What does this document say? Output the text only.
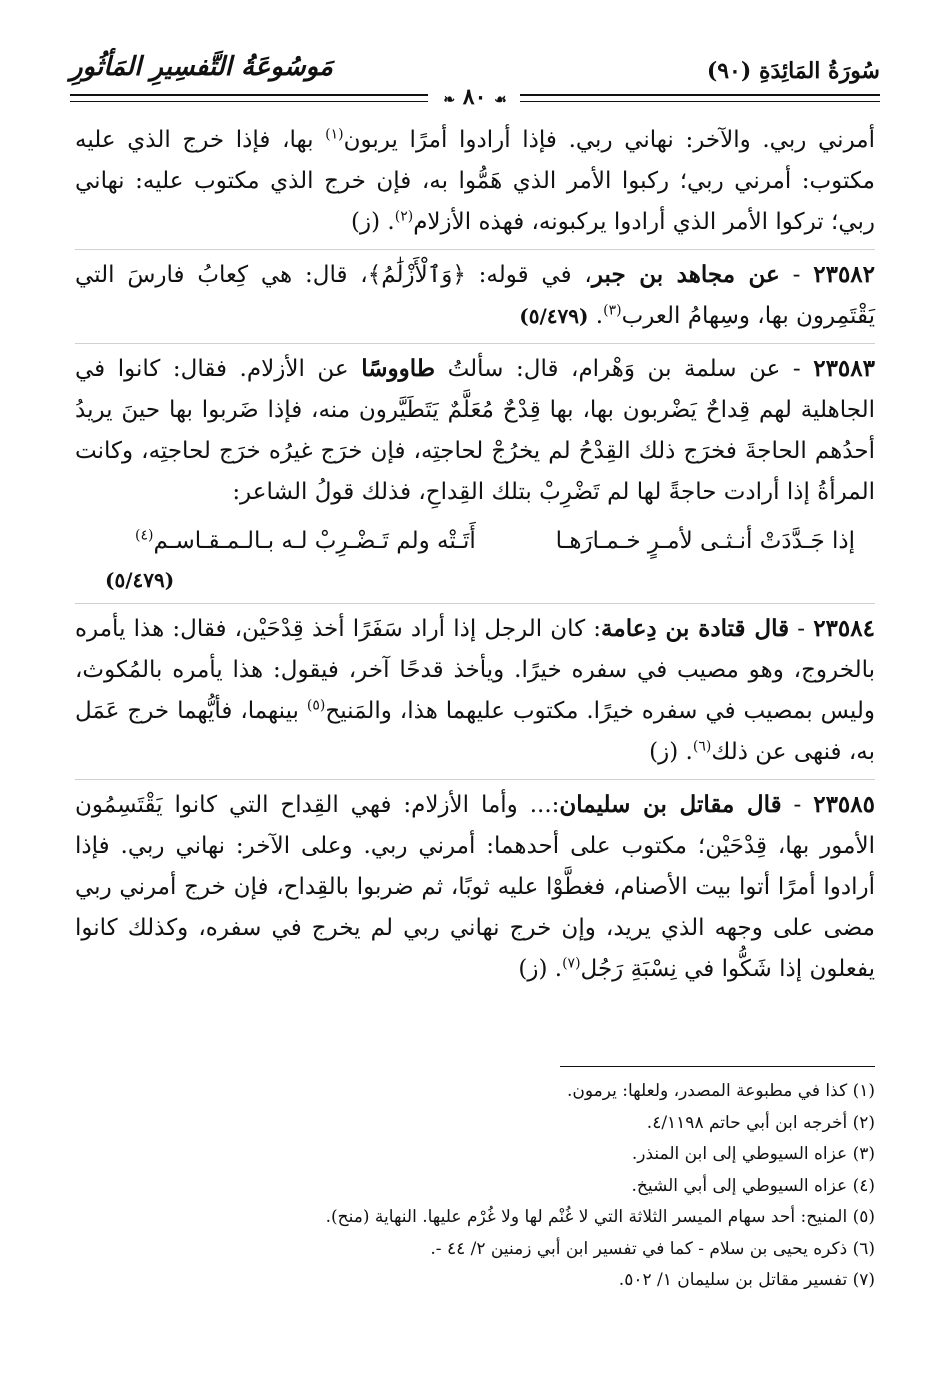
سُورَةُ المَائِدَةِ (٩٠)
مَوسُوعَةُ التَّفسِيرِ المَأثُورِ
☙ ٨٠ ❧

أمرني ربي. والآخر: نهاني ربي. فإذا أرادوا أمرًا يربون$^{(١)}$ بها، فإذا خرج الذي عليه مكتوب: أمرني ربي؛ ركبوا الأمر الذي هَمُّوا به، فإن خرج الذي مكتوب عليه: نهاني ربي؛ تركوا الأمر الذي أرادوا يركبونه، فهذه الأزلام$^{(٢)}$. (ز)

٢٣٥٨٢ - عن مجاهد بن جبر، في قوله: ﴿وَٱلْأَزْلَٰمُ﴾، قال: هي كِعابُ فارسَ التي يَقْتَمِرون بها، وسِهامُ العرب$^{(٣)}$. (٥/٤٧٩)

٢٣٥٨٣ - عن سلمة بن وَهْرام، قال: سألتُ طاووسًا عن الأزلام. فقال: كانوا في الجاهلية لهم قِداحٌ يَضْربون بها، بها قِدْحٌ مُعَلَّمٌ يَتَطَيَّرون منه، فإذا ضَربوا بها حينَ يريدُ أحدُهم الحاجةَ فخرَج ذلك القِدْحُ لم يخرُجْ لحاجتِه، فإن خرَج غيرُه خرَج لحاجتِه، وكانت المرأةُ إذا أرادت حاجةً لها لم تَضْرِبْ بتلك القِداحِ، فذلك قولُ الشاعر:

إذا جَـدَّدَتْ أنـثـى لأمـرٍ خـمـارَهـا
أَتَـتْه ولم تَـضْـرِبْ لـه بـالـمـقـاسـم$^{(٤)}$
(٥/٤٧٩)

٢٣٥٨٤ - قال قتادة بن دِعامة: كان الرجل إذا أراد سَفَرًا أخذ قِدْحَيْن، فقال: هذا يأمره بالخروج، وهو مصيب في سفره خيرًا. ويأخذ قدحًا آخر، فيقول: هذا يأمره بالمُكوث، وليس بمصيب في سفره خيرًا. مكتوب عليهما هذا، والمَنيح$^{(٥)}$ بينهما، فأيُّهما خرج عَمَل به، فنهى عن ذلك$^{(٦)}$. (ز)

٢٣٥٨٥ - قال مقاتل بن سليمان:... وأما الأزلام: فهي القِداح التي كانوا يَقْتَسِمُون الأمور بها، قِدْحَيْن؛ مكتوب على أحدهما: أمرني ربي. وعلى الآخر: نهاني ربي. فإذا أرادوا أمرًا أتوا بيت الأصنام، فغطَّوْا عليه ثوبًا، ثم ضربوا بالقِداح، فإن خرج أمرني ربي مضى على وجهه الذي يريد، وإن خرج نهاني ربي لم يخرج في سفره، وكذلك كانوا يفعلون إذا شَكُّوا في نِسْبَةِ رَجُل$^{(٧)}$. (ز)

(١) كذا في مطبوعة المصدر، ولعلها: يرمون.
(٢) أخرجه ابن أبي حاتم ٤/١١٩٨.
(٣) عزاه السيوطي إلى ابن المنذر.
(٤) عزاه السيوطي إلى أبي الشيخ.
(٥) المنيح: أحد سهام الميسر الثلاثة التي لا غُنْم لها ولا غُرْم عليها. النهاية (منح).
(٦) ذكره يحيى بن سلام - كما في تفسير ابن أبي زمنين ٢/ ٤٤ -.
(٧) تفسير مقاتل بن سليمان ١/ ٥٠٢.
